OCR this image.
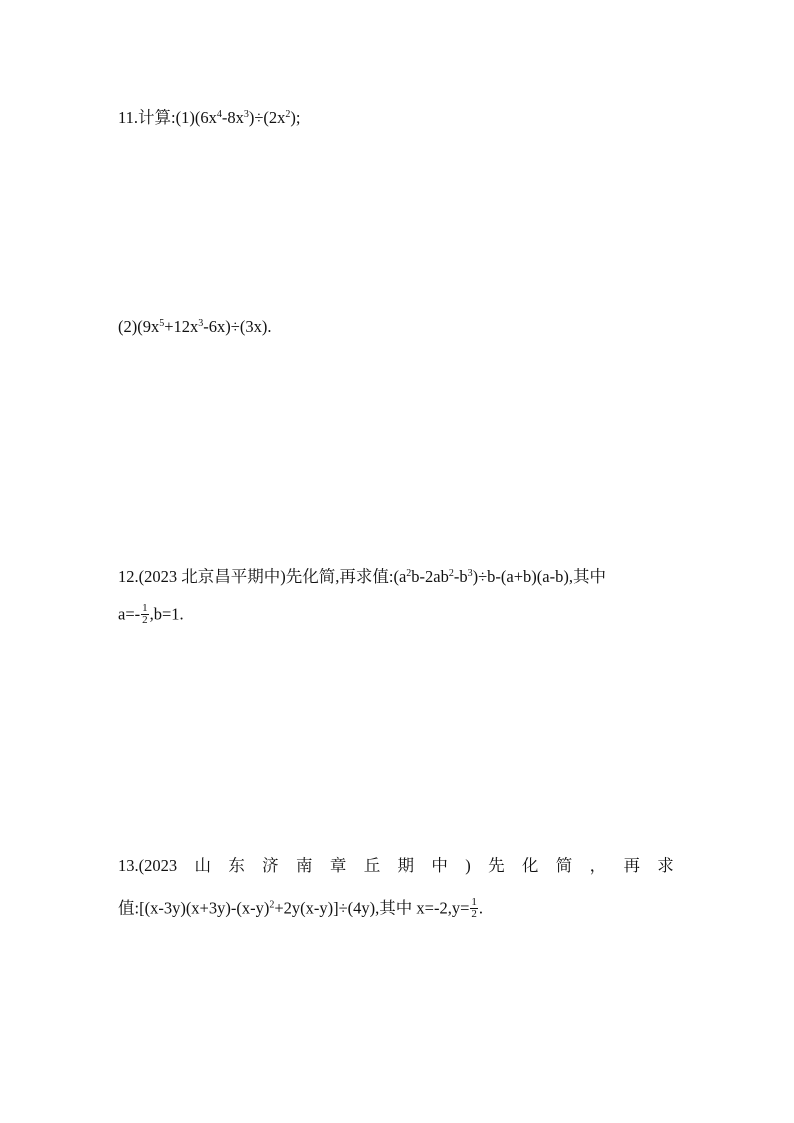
11.计算$:(1)(6x^4-8x^3)\div(2x^2)$;
$(2)(9x^5+12x^3-6x)\div(3x)$.
12.(2023 北京昌平期中)先化简,再求值$:(a^2b-2ab^2-b^3)\div b-(a+b)(a-b)$,其中
$a=- \frac{1}{2} ,b=1$.
13.(2023 山 东 济 南 章 丘 期 中 ) 先 化 简 ， 再 求
值$:[(x-3y)(x+3y)-(x-y)^2+2y(x-y)]\div(4y)$,其中 $x=-2,y= \frac{1}{2}$ .
